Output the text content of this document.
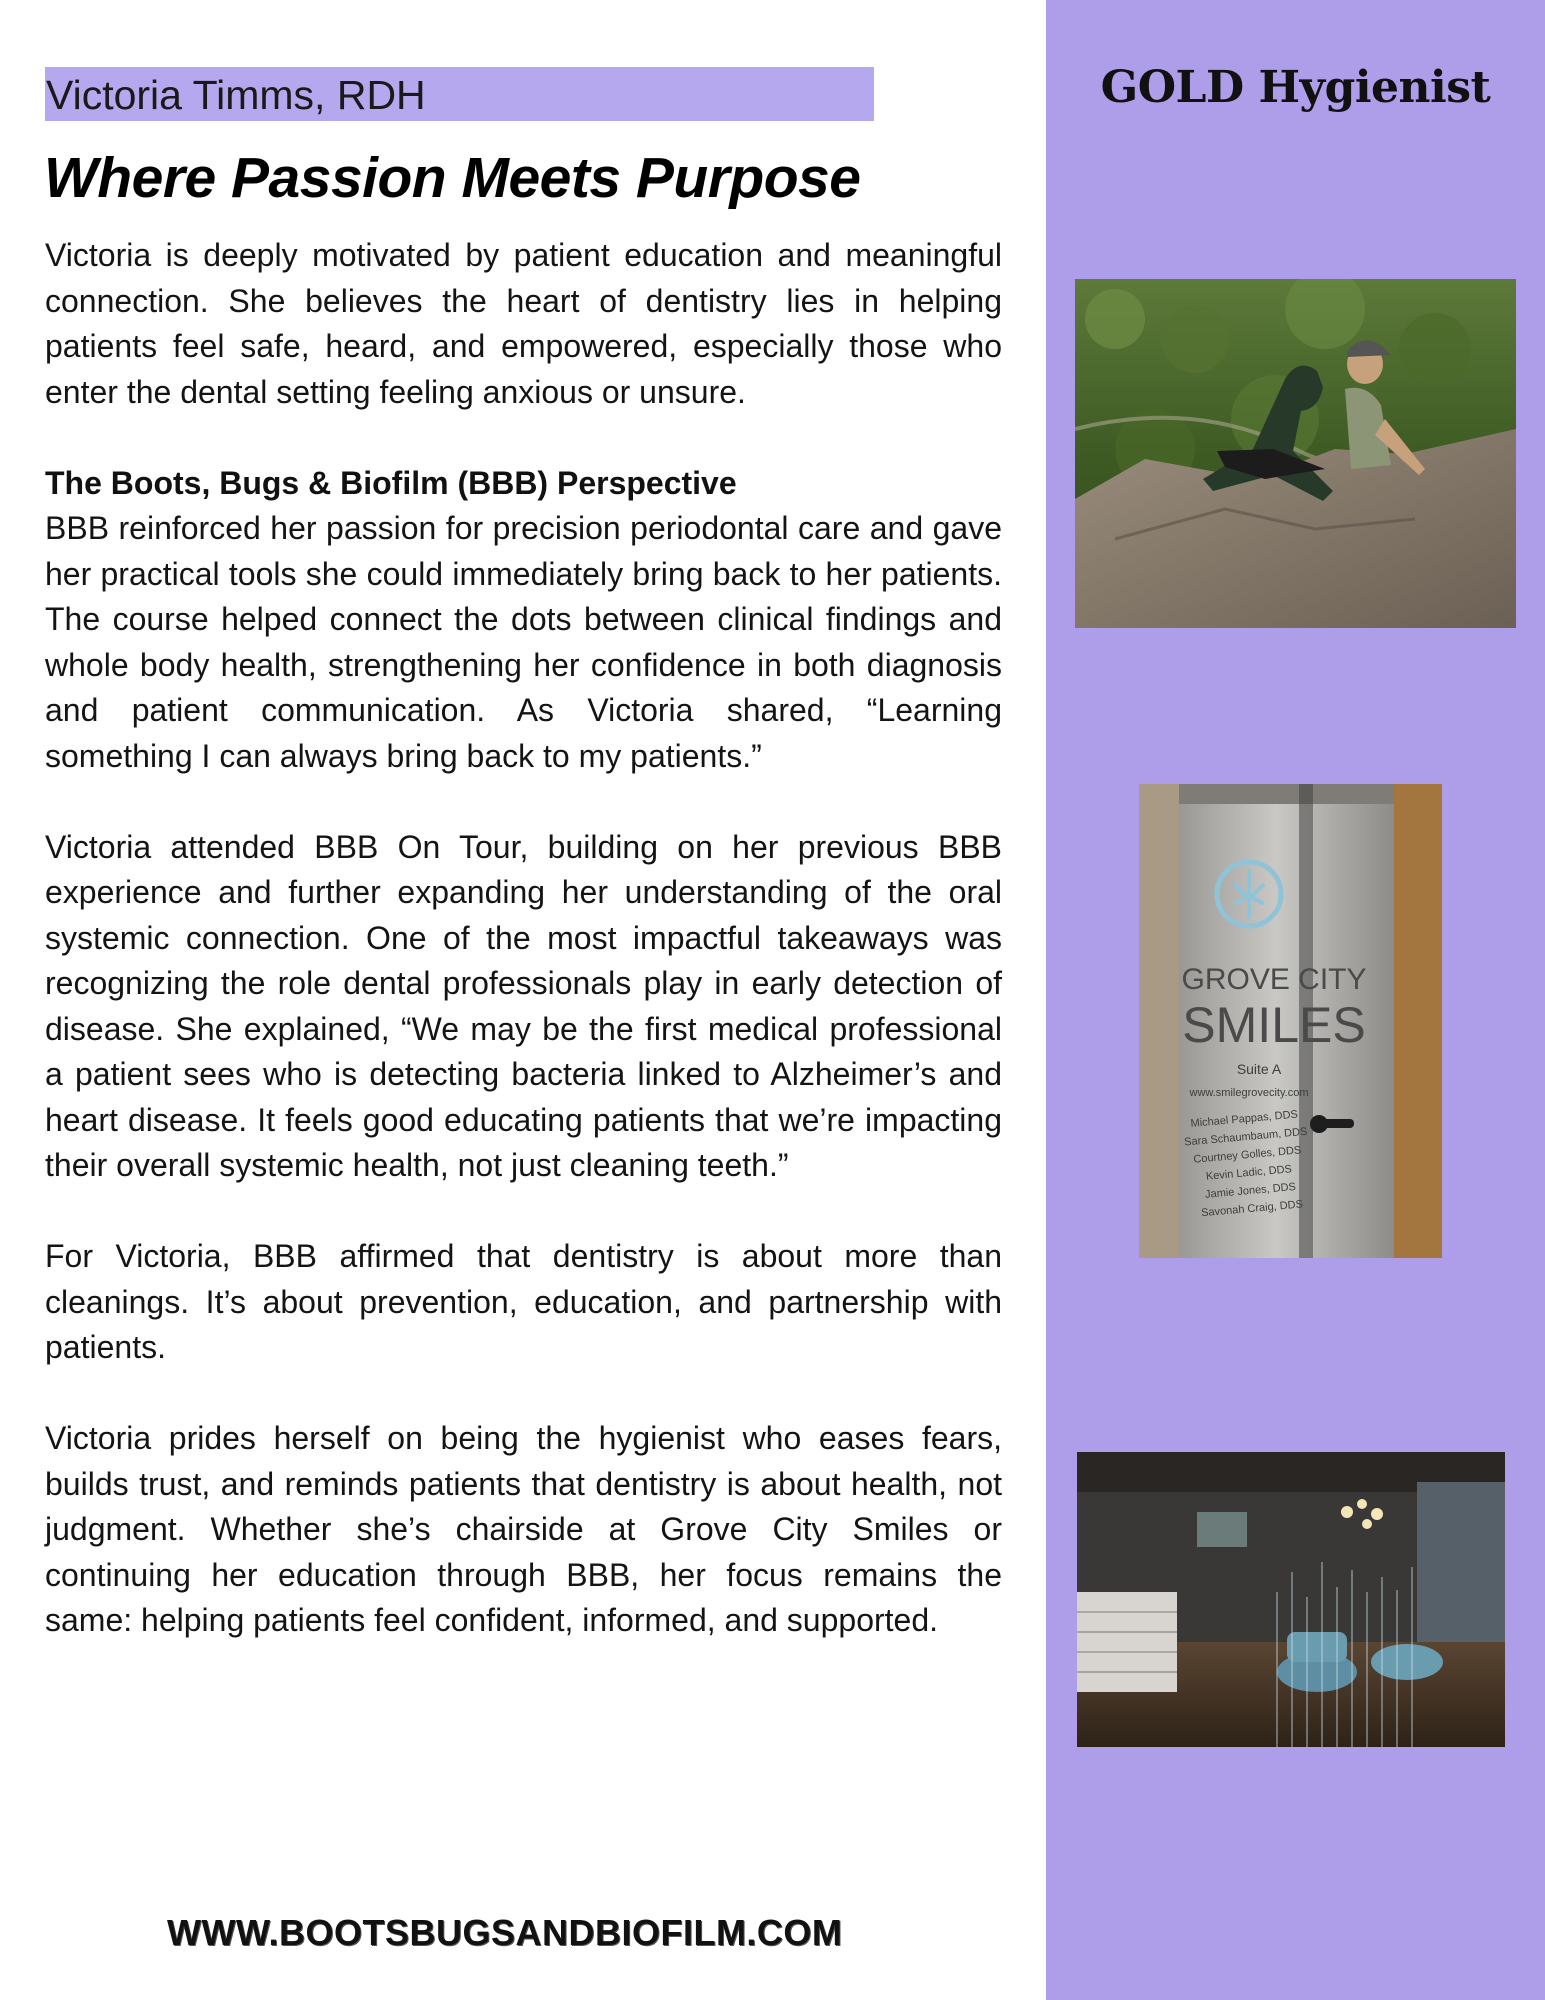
GOLD Hygienist
GROVE CITY
SMILES
Suite A
www.smilegrovecity.com
Michael Pappas, DDS
Sara Schaumbaum, DDS
Courtney Golles, DDS
Kevin Ladic, DDS
Jamie Jones, DDS
Savonah Craig, DDS
Victoria Timms, RDH
Where Passion Meets Purpose

Victoria is deeply motivated by patient education and meaningful connection. She believes the heart of dentistry lies in helping patients feel safe, heard, and empowered, especially those who enter the dental setting feeling anxious or unsure.

The Boots, Bugs & Biofilm (BBB) Perspective

BBB reinforced her passion for precision periodontal care and gave her practical tools she could immediately bring back to her patients. The course helped connect the dots between clinical findings and whole body health, strengthening her confidence in both diagnosis and patient communication. As Victoria shared, “Learning something I can always bring back to my patients.”

Victoria attended BBB On Tour, building on her previous BBB experience and further expanding her understanding of the oral systemic connection. One of the most impactful takeaways was recognizing the role dental professionals play in early detection of disease. She explained, “We may be the first medical professional a patient sees who is detecting bacteria linked to Alzheimer’s and heart disease. It feels good educating patients that we’re impacting their overall systemic health, not just cleaning teeth.”

For Victoria, BBB affirmed that dentistry is about more than cleanings. It’s about prevention, education, and partnership with patients.

Victoria prides herself on being the hygienist who eases fears, builds trust, and reminds patients that dentistry is about health, not judgment. Whether she’s chairside at Grove City Smiles or continuing her education through BBB, her focus remains the same: helping patients feel confident, informed, and supported.

WWW.BOOTSBUGSANDBIOFILM.COM
